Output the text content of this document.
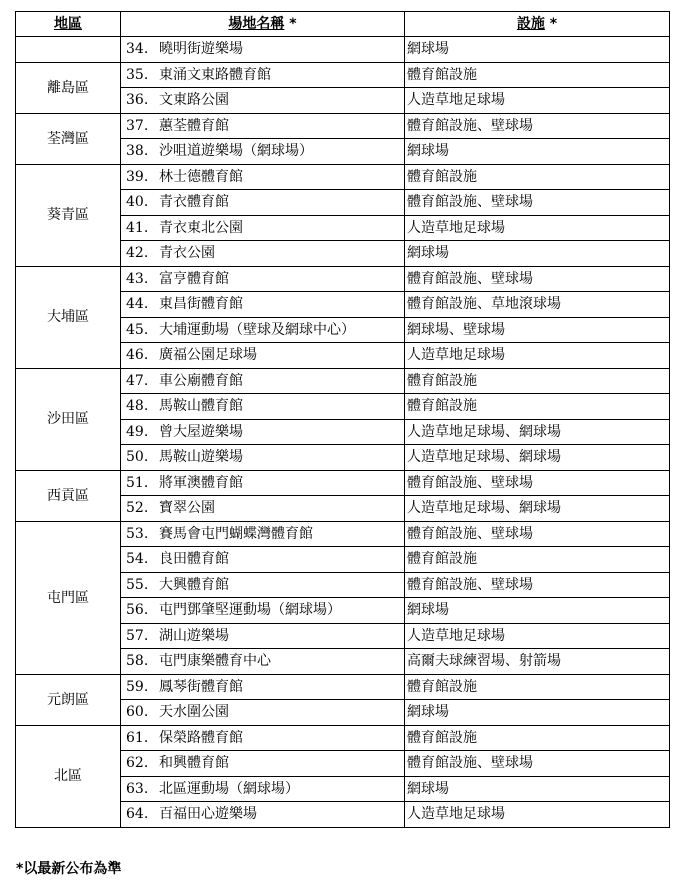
地區	場地名稱 *	設施 *
	34. 曉明街遊樂場	網球場
離島區	35. 東涌文東路體育館	體育館設施
	36. 文東路公園	人造草地足球場
荃灣區	37. 蕙荃體育館	體育館設施、壁球場
	38. 沙咀道遊樂場（網球場）	網球場
葵青區	39. 林士德體育館	體育館設施
	40. 青衣體育館	體育館設施、壁球場
	41. 青衣東北公園	人造草地足球場
	42. 青衣公園	網球場
大埔區	43. 富亨體育館	體育館設施、壁球場
	44. 東昌街體育館	體育館設施、草地滾球場
	45. 大埔運動場（壁球及網球中心）	網球場、壁球場
	46. 廣福公園足球場	人造草地足球場
沙田區	47. 車公廟體育館	體育館設施
	48. 馬鞍山體育館	體育館設施
	49. 曾大屋遊樂場	人造草地足球場、網球場
	50. 馬鞍山遊樂場	人造草地足球場、網球場
西貢區	51. 將軍澳體育館	體育館設施、壁球場
	52. 寶翠公園	人造草地足球場、網球場
屯門區	53. 賽馬會屯門蝴蝶灣體育館	體育館設施、壁球場
	54. 良田體育館	體育館設施
	55. 大興體育館	體育館設施、壁球場
	56. 屯門鄧肇堅運動場（網球場）	網球場
	57. 湖山遊樂場	人造草地足球場
	58. 屯門康樂體育中心	高爾夫球練習場、射箭場
元朗區	59. 鳳琴街體育館	體育館設施
	60. 天水圍公園	網球場
北區	61. 保榮路體育館	體育館設施
	62. 和興體育館	體育館設施、壁球場
	63. 北區運動場（網球場）	網球場
	64. 百福田心遊樂場	人造草地足球場
*以最新公布為準
